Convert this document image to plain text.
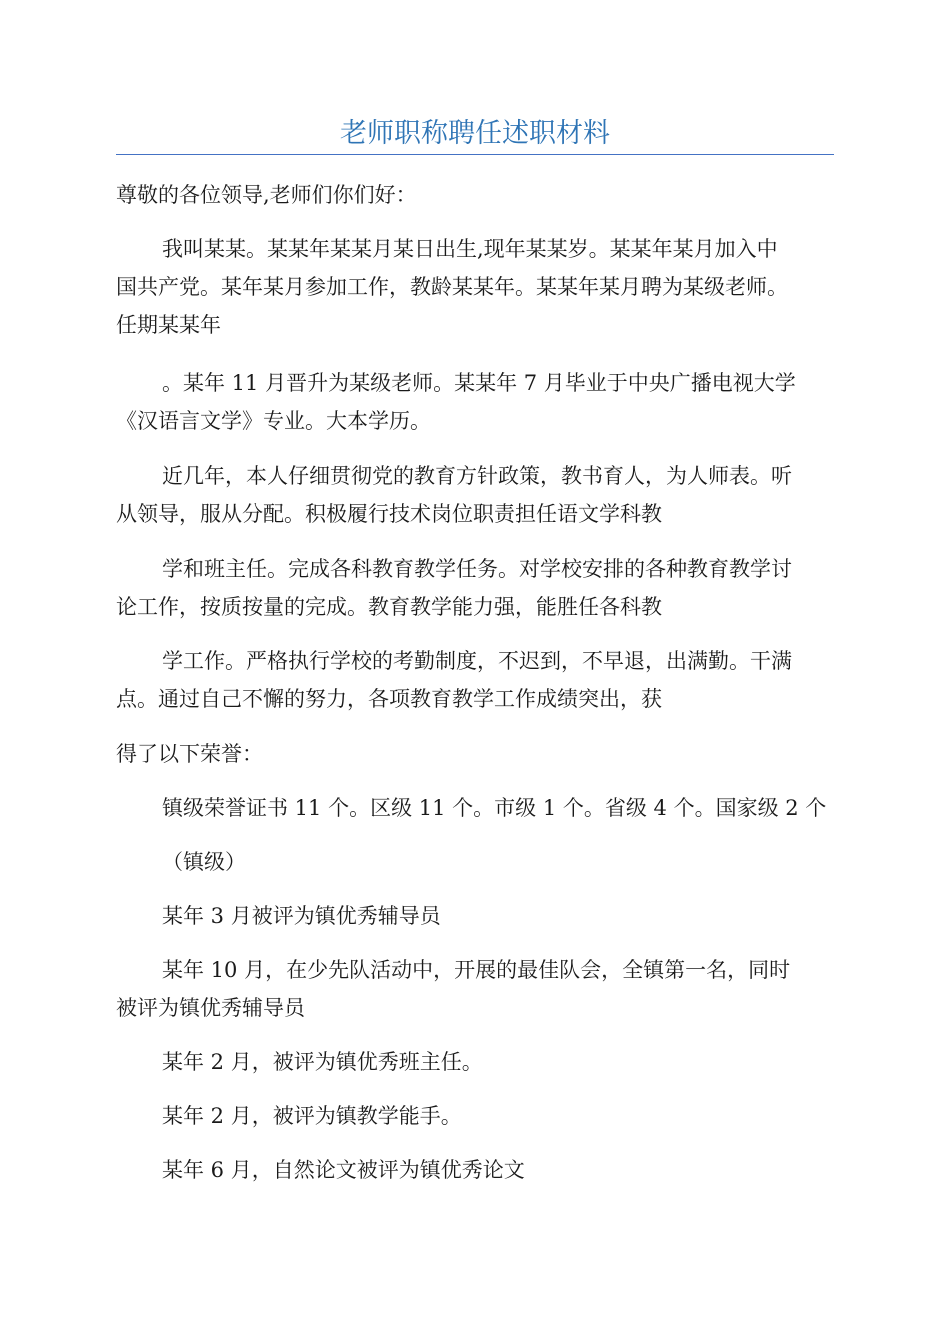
老师职称聘任述职材料

尊敬的各位领导,老师们你们好：

我叫某某。某某年某某月某日出生,现年某某岁。某某年某月加入中

国共产党。某年某月参加工作，教龄某某年。某某年某月聘为某级老师。

任期某某年

。某年 11 月晋升为某级老师。某某年 7 月毕业于中央广播电视大学

《汉语言文学》专业。大本学历。

近几年，本人仔细贯彻党的教育方针政策，教书育人，为人师表。听

从领导，服从分配。积极履行技术岗位职责担任语文学科教

学和班主任。完成各科教育教学任务。对学校安排的各种教育教学讨

论工作，按质按量的完成。教育教学能力强，能胜任各科教

学工作。严格执行学校的考勤制度，不迟到，不早退，出满勤。干满

点。通过自己不懈的努力，各项教育教学工作成绩突出，获

得了以下荣誉：

镇级荣誉证书 11 个。区级 11 个。市级 1 个。省级 4 个。国家级 2 个

（镇级）

某年 3 月被评为镇优秀辅导员

某年 10 月，在少先队活动中，开展的最佳队会，全镇第一名，同时

被评为镇优秀辅导员

某年 2 月，被评为镇优秀班主任。

某年 2 月，被评为镇教学能手。

某年 6 月，自然论文被评为镇优秀论文
